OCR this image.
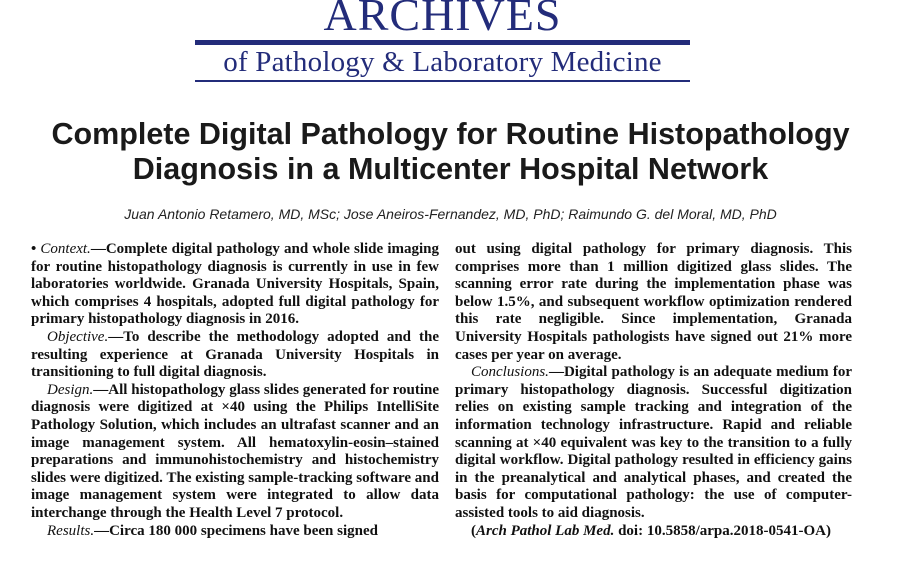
ARCHIVES
of Pathology & Laboratory Medicine
Complete Digital Pathology for Routine Histopathology Diagnosis in a Multicenter Hospital Network
Juan Antonio Retamero, MD, MSc; Jose Aneiros-Fernandez, MD, PhD; Raimundo G. del Moral, MD, PhD

• Context.—Complete digital pathology and whole slide imaging for routine histopathology diagnosis is currently in use in few laboratories worldwide. Granada University Hospitals, Spain, which comprises 4 hospitals, adopted full digital pathology for primary histopathology diagnosis in 2016.

Objective.—To describe the methodology adopted and the resulting experience at Granada University Hospitals in transitioning to full digital diagnosis.

Design.—All histopathology glass slides generated for routine diagnosis were digitized at ×40 using the Philips IntelliSite Pathology Solution, which includes an ultrafast scanner and an image management system. All hematoxylin-eosin–stained preparations and immunohistochemistry and histochemistry slides were digitized. The existing sample-tracking software and image management system were integrated to allow data interchange through the Health Level 7 protocol.

Results.—Circa 180 000 specimens have been signed

out using digital pathology for primary diagnosis. This comprises more than 1 million digitized glass slides. The scanning error rate during the implementation phase was below 1.5%, and subsequent workflow optimization rendered this rate negligible. Since implementation, Granada University Hospitals pathologists have signed out 21% more cases per year on average.

Conclusions.—Digital pathology is an adequate medium for primary histopathology diagnosis. Successful digitization relies on existing sample tracking and integration of the information technology infrastructure. Rapid and reliable scanning at ×40 equivalent was key to the transition to a fully digital workflow. Digital pathology resulted in efficiency gains in the preanalytical and analytical phases, and created the basis for computational pathology: the use of computer-assisted tools to aid diagnosis.

(Arch Pathol Lab Med. doi: 10.5858/arpa.2018-0541-OA)
